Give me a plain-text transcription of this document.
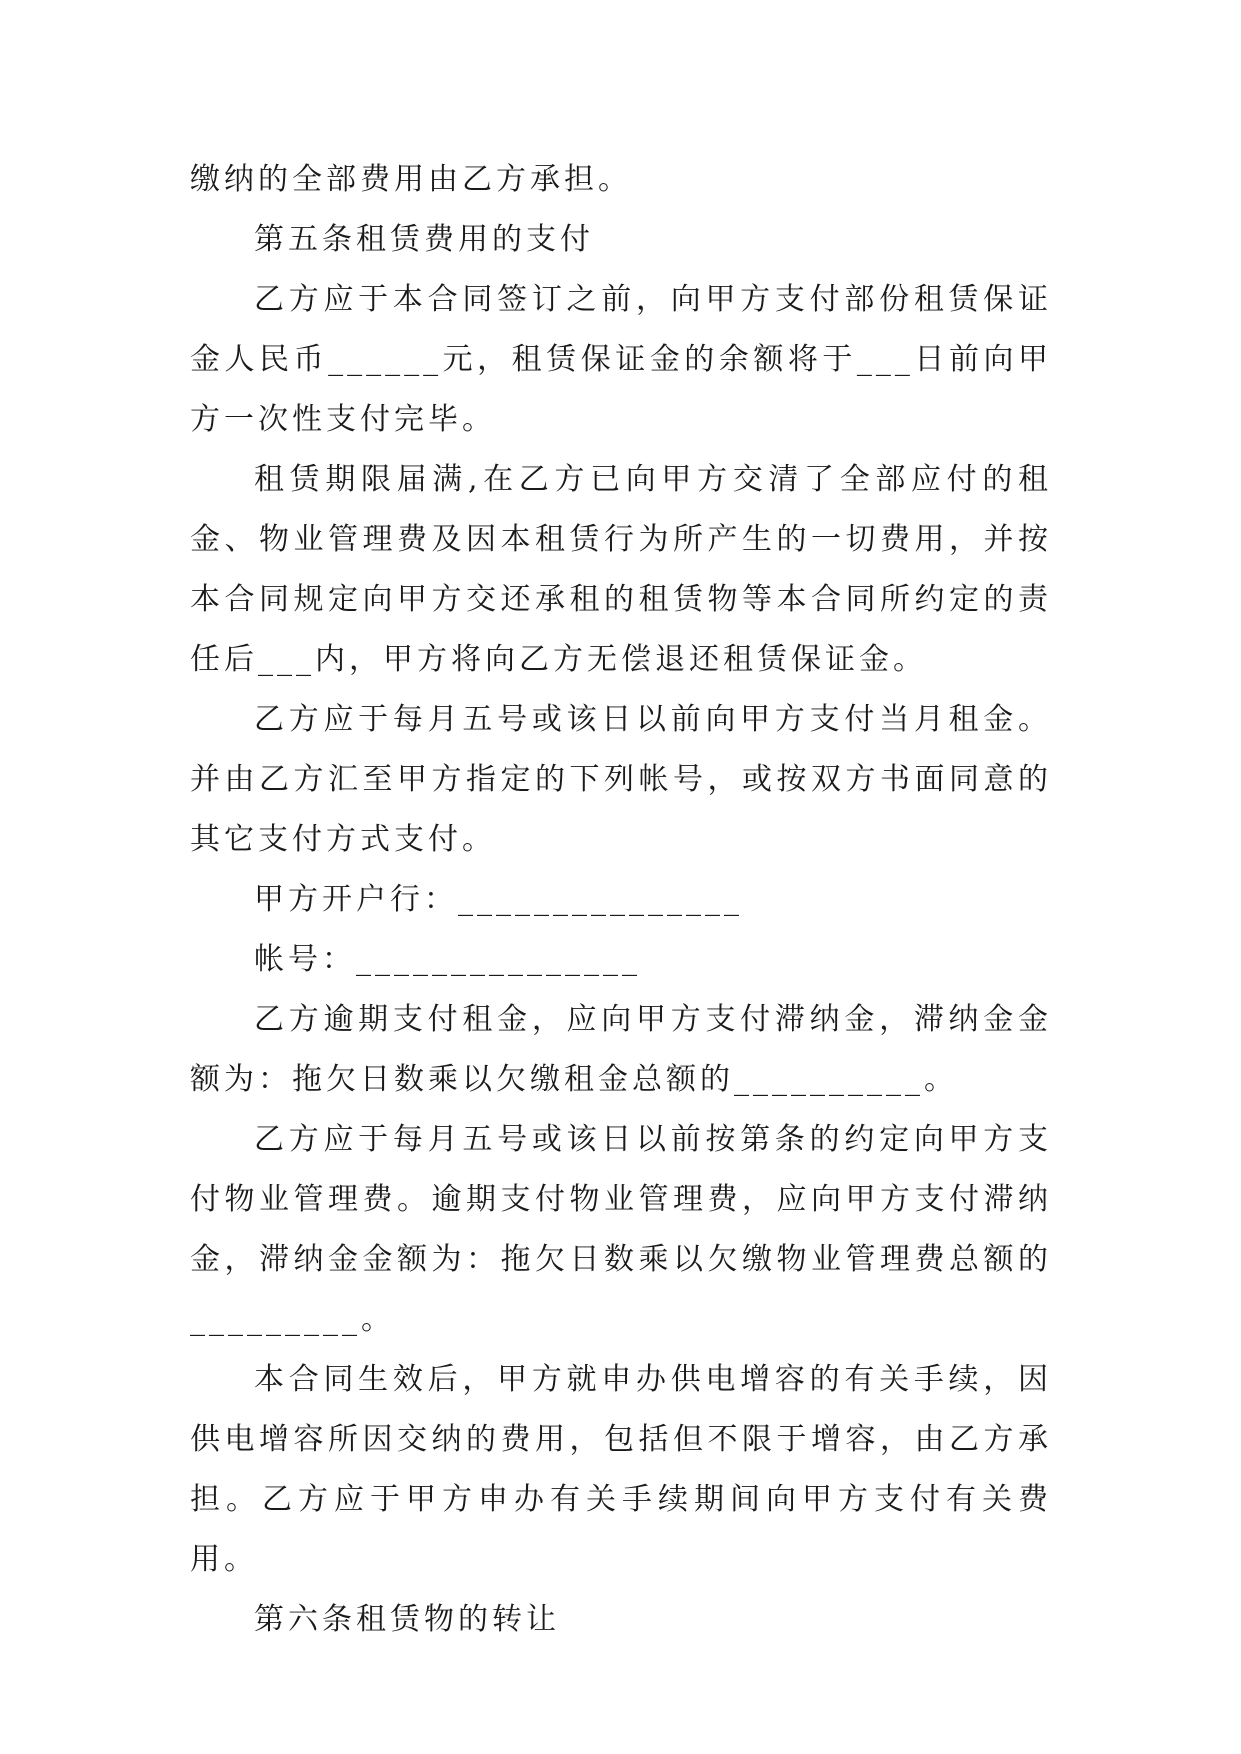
缴纳的全部费用由乙方承担。

第五条租赁费用的支付

乙方应于本合同签订之前，向甲方支付部份租赁保证金人民币______元，租赁保证金的余额将于___日前向甲方一次性支付完毕。

租赁期限届满,在乙方已向甲方交清了全部应付的租金、物业管理费及因本租赁行为所产生的一切费用，并按本合同规定向甲方交还承租的租赁物等本合同所约定的责任后___内，甲方将向乙方无偿退还租赁保证金。

乙方应于每月五号或该日以前向甲方支付当月租金。并由乙方汇至甲方指定的下列帐号，或按双方书面同意的其它支付方式支付。

甲方开户行：_______________

帐号：_______________

乙方逾期支付租金，应向甲方支付滞纳金，滞纳金金额为：拖欠日数乘以欠缴租金总额的__________。

乙方应于每月五号或该日以前按第条的约定向甲方支付物业管理费。逾期支付物业管理费，应向甲方支付滞纳金，滞纳金金额为：拖欠日数乘以欠缴物业管理费总额的_________。

本合同生效后，甲方就申办供电增容的有关手续，因供电增容所因交纳的费用，包括但不限于增容，由乙方承担。乙方应于甲方申办有关手续期间向甲方支付有关费用。

第六条租赁物的转让
